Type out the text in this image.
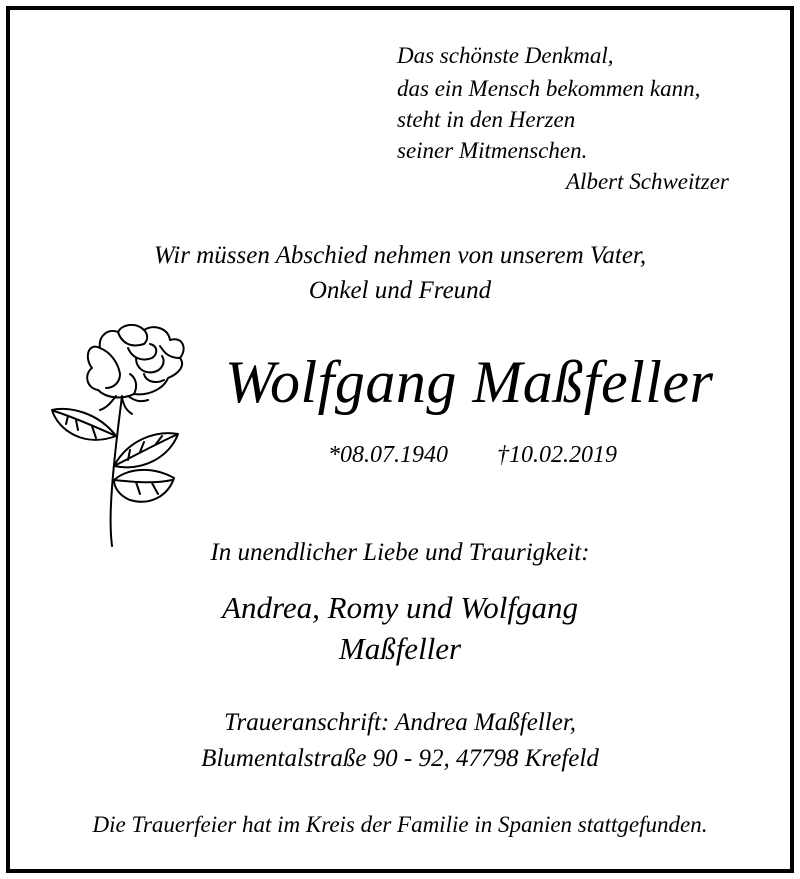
Das schönste Denkmal,
das ein Mensch bekommen kann,
steht in den Herzen
seiner Mitmenschen.
Albert Schweitzer
Wir müssen Abschied nehmen von unserem Vater,
Onkel und Freund
Wolfgang Maßfeller
*08.07.1940 †10.02.2019
In unendlicher Liebe und Traurigkeit:
Andrea, Romy und Wolfgang
Maßfeller
Traueranschrift: Andrea Maßfeller,
Blumentalstraße 90 - 92, 47798 Krefeld
Die Trauerfeier hat im Kreis der Familie in Spanien stattgefunden.
